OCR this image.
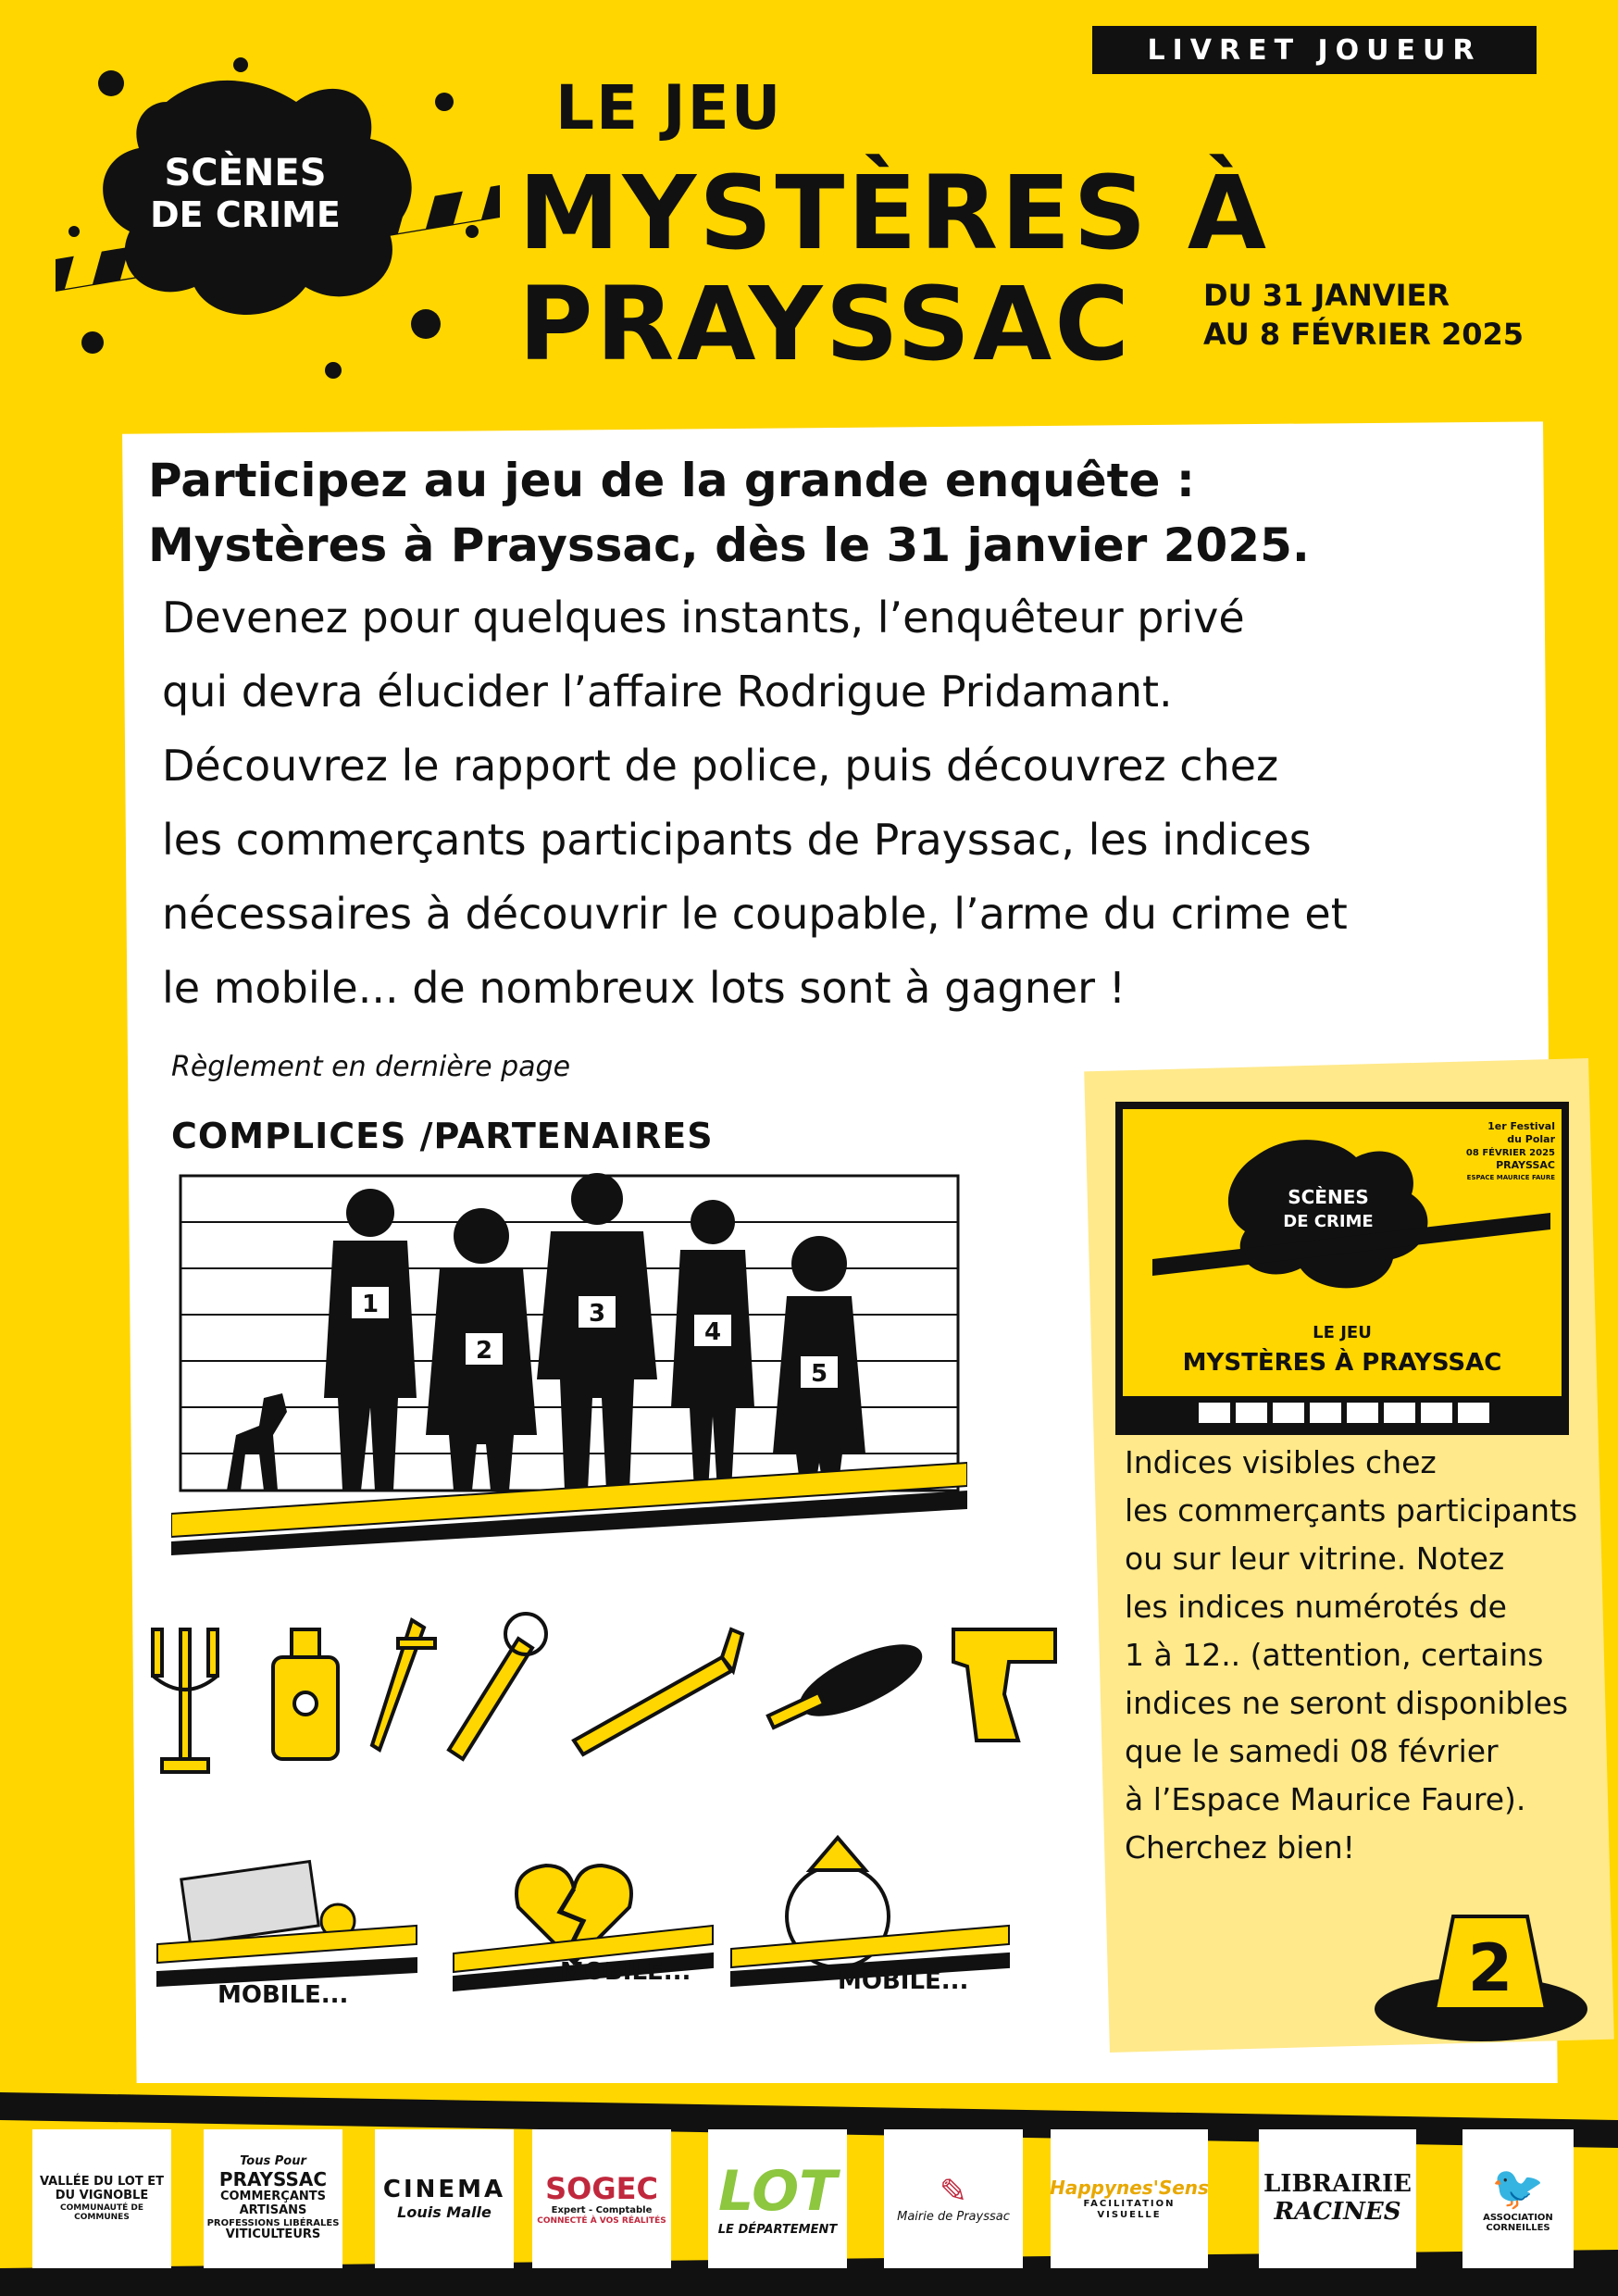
LIVRET JOUEUR
SCÈNES
DE CRIME
LE JEU
MYSTÈRES À
PRAYSSAC DU 31 JANVIER
AU 8 FÉVRIER 2025
Participez au jeu de la grande enquête :
Mystères à Prayssac, dès le 31 janvier 2025.
Devenez pour quelques instants, l’enquêteur privé
qui devra élucider l’affaire Rodrigue Pridamant.
Découvrez le rapport de police, puis découvrez chez
les commerçants participants de Prayssac, les indices
nécessaires à découvrir le coupable, l’arme du crime et
le mobile... de nombreux lots sont à gagner !
Règlement en dernière page
COMPLICES /PARTENAIRES
1
2
3
4
5
MOBILE...
MOBILE...	MOBILE...
SCÈNES
DE CRIME
LE JEU
MYSTÈRES À PRAYSSAC
1er Festival
du Polar
08 FÉVRIER 2025
PRAYSSAC
ESPACE MAURICE FAURE
Indices visibles chez
les commerçants participants
ou sur leur vitrine. Notez
les indices numérotés de
1 à 12.. (attention, certains
indices ne seront disponibles
que le samedi 08 février
à l’Espace Maurice Faure).
Cherchez bien!
2
VALLÉE DU LOT ET DU VIGNOBLE
COMMUNAUTÉ DE COMMUNES
Tous Pour
PRAYSSAC
COMMERÇANTS
ARTISANS
PROFESSIONS LIBÉRALES
VITICULTEURS
CINEMA
Louis Malle
SOGEC
Expert - Comptable
CONNECTÉ À VOS RÉALITÉS LOT
LE DÉPARTEMENT
✎
Mairie de Prayssac
Happynes'Sens
FACILITATION VISUELLE
LIBRAIRIE
RACINES 🐦
ASSOCIATION
CORNEILLES
